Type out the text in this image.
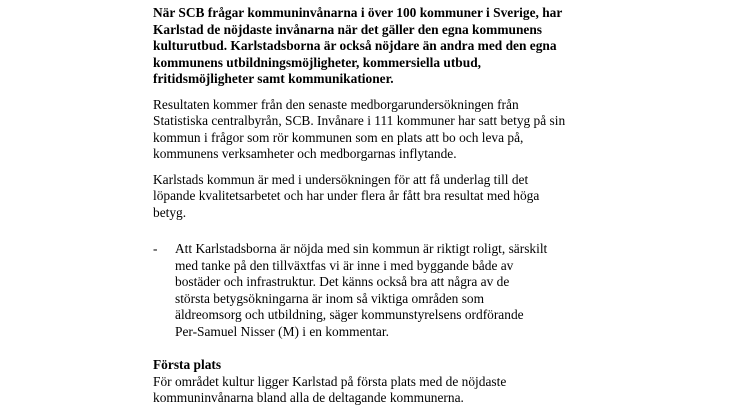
När SCB frågar kommuninvånarna i över 100 kommuner i Sverige, har
Karlstad de nöjdaste invånarna när det gäller den egna kommunens
kulturutbud. Karlstadsborna är också nöjdare än andra med den egna
kommunens utbildningsmöjligheter, kommersiella utbud,
fritidsmöjligheter samt kommunikationer.

Resultaten kommer från den senaste medborgarundersökningen från
Statistiska centralbyrån, SCB. Invånare i 111 kommuner har satt betyg på sin
kommun i frågor som rör kommunen som en plats att bo och leva på,
kommunens verksamheter och medborgarnas inflytande.

Karlstads kommun är med i undersökningen för att få underlag till det
löpande kvalitetsarbetet och har under flera år fått bra resultat med höga
betyg.

- Att Karlstadsborna är nöjda med sin kommun är riktigt roligt, särskilt
med tanke på den tillväxtfas vi är inne i med byggande både av
bostäder och infrastruktur. Det känns också bra att några av de
största betygsökningarna är inom så viktiga områden som
äldreomsorg och utbildning, säger kommunstyrelsens ordförande
Per-Samuel Nisser (M) i en kommentar.

Första plats

För området kultur ligger Karlstad på första plats med de nöjdaste
kommuninvånarna bland alla de deltagande kommunerna.
